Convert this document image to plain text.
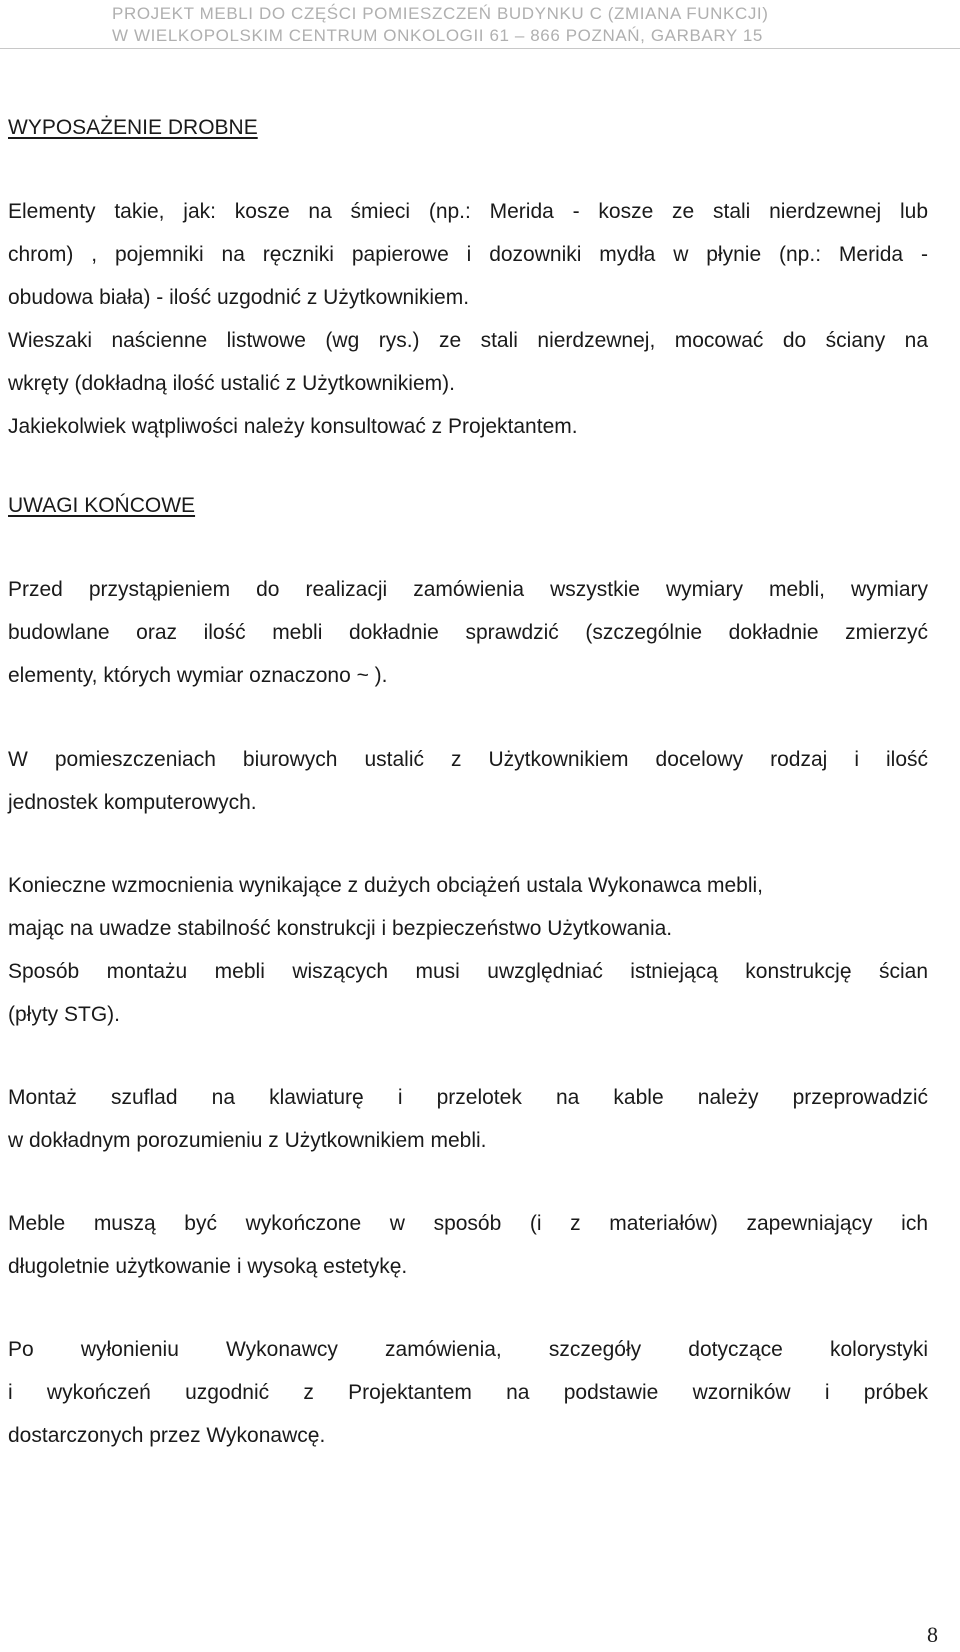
PROJEKT MEBLI DO CZĘŚCI POMIESZCZEŃ BUDYNKU C (ZMIANA FUNKCJI)
W WIELKOPOLSKIM CENTRUM ONKOLOGII 61 – 866 POZNAŃ, GARBARY 15
WYPOSAŻENIE DROBNE
Elementy takie, jak: kosze na śmieci (np.: Merida - kosze ze stali nierdzewnej lub
chrom) , pojemniki na ręczniki papierowe i dozowniki mydła w płynie (np.: Merida -
obudowa biała) - ilość uzgodnić z Użytkownikiem.
Wieszaki naścienne listwowe (wg rys.) ze stali nierdzewnej, mocować do ściany na
wkręty (dokładną ilość ustalić z Użytkownikiem).
Jakiekolwiek wątpliwości należy konsultować z Projektantem.
UWAGI KOŃCOWE
Przed przystąpieniem do realizacji zamówienia wszystkie wymiary mebli, wymiary
budowlane oraz ilość mebli dokładnie sprawdzić (szczególnie dokładnie zmierzyć
elementy, których wymiar oznaczono ~ ).
W pomieszczeniach biurowych ustalić z Użytkownikiem docelowy rodzaj i ilość
jednostek komputerowych.
Konieczne wzmocnienia wynikające z dużych obciążeń ustala Wykonawca mebli,
mając na uwadze stabilność konstrukcji i bezpieczeństwo Użytkowania.
Sposób montażu mebli wiszących musi uwzględniać istniejącą konstrukcję ścian
(płyty STG).
Montaż szuflad na klawiaturę i przelotek na kable należy przeprowadzić
w dokładnym porozumieniu z Użytkownikiem mebli.
Meble muszą być wykończone w sposób (i z materiałów) zapewniający ich
długoletnie użytkowanie i wysoką estetykę.
Po wyłonieniu Wykonawcy zamówienia, szczegóły dotyczące kolorystyki
i wykończeń uzgodnić z Projektantem na podstawie wzorników i próbek
dostarczonych przez Wykonawcę.
8
